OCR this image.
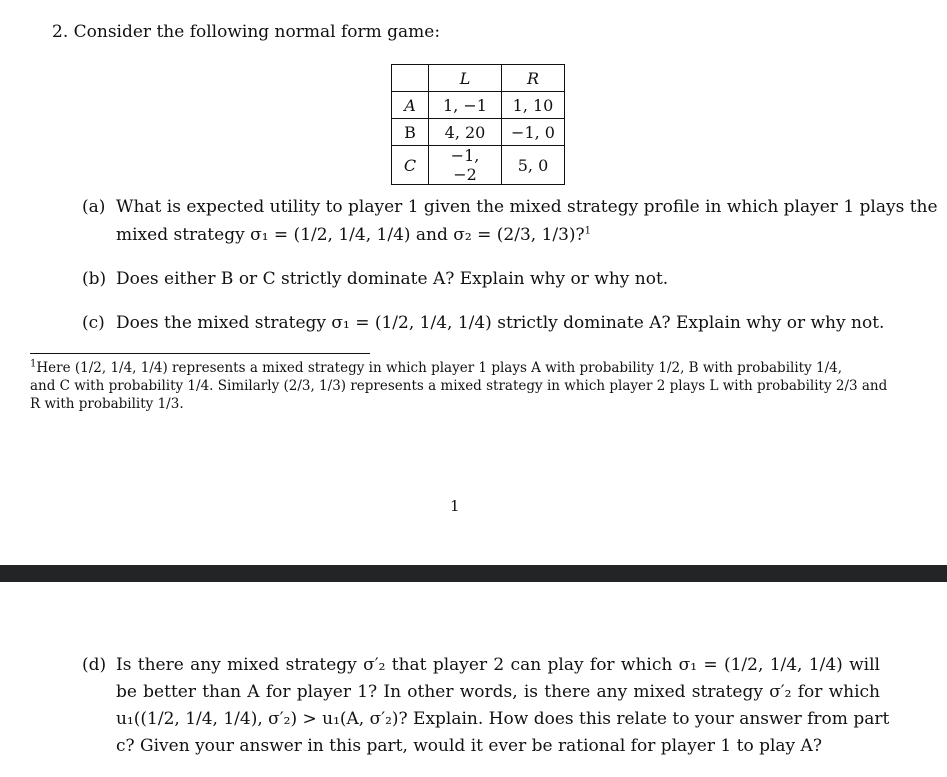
2. Consider the following normal form game:
	L	R
A	1, −1	1, 10
B	4, 20	−1, 0
C	−1, −2	5, 0
(a) What is expected utility to player 1 given the mixed strategy profile in which player 1 plays the
mixed strategy σ₁ = (1/2, 1/4, 1/4) and σ₂ = (2/3, 1/3)?$^1$
(b) Does either B or C strictly dominate A? Explain why or why not.
(c) Does the mixed strategy σ₁ = (1/2, 1/4, 1/4) strictly dominate A? Explain why or why not.
$^1$Here (1/2, 1/4, 1/4) represents a mixed strategy in which player 1 plays A with probability 1/2, B with probability 1/4,
and C with probability 1/4. Similarly (2/3, 1/3) represents a mixed strategy in which player 2 plays L with probability 2/3 and
R with probability 1/3.
1
(d) Is there any mixed strategy σ′₂ that player 2 can play for which σ₁ = (1/2, 1/4, 1/4) will
be better than A for player 1? In other words, is there any mixed strategy σ′₂ for which
u₁((1/2, 1/4, 1/4), σ′₂) > u₁(A, σ′₂)? Explain. How does this relate to your answer from part
c? Given your answer in this part, would it ever be rational for player 1 to play A?
